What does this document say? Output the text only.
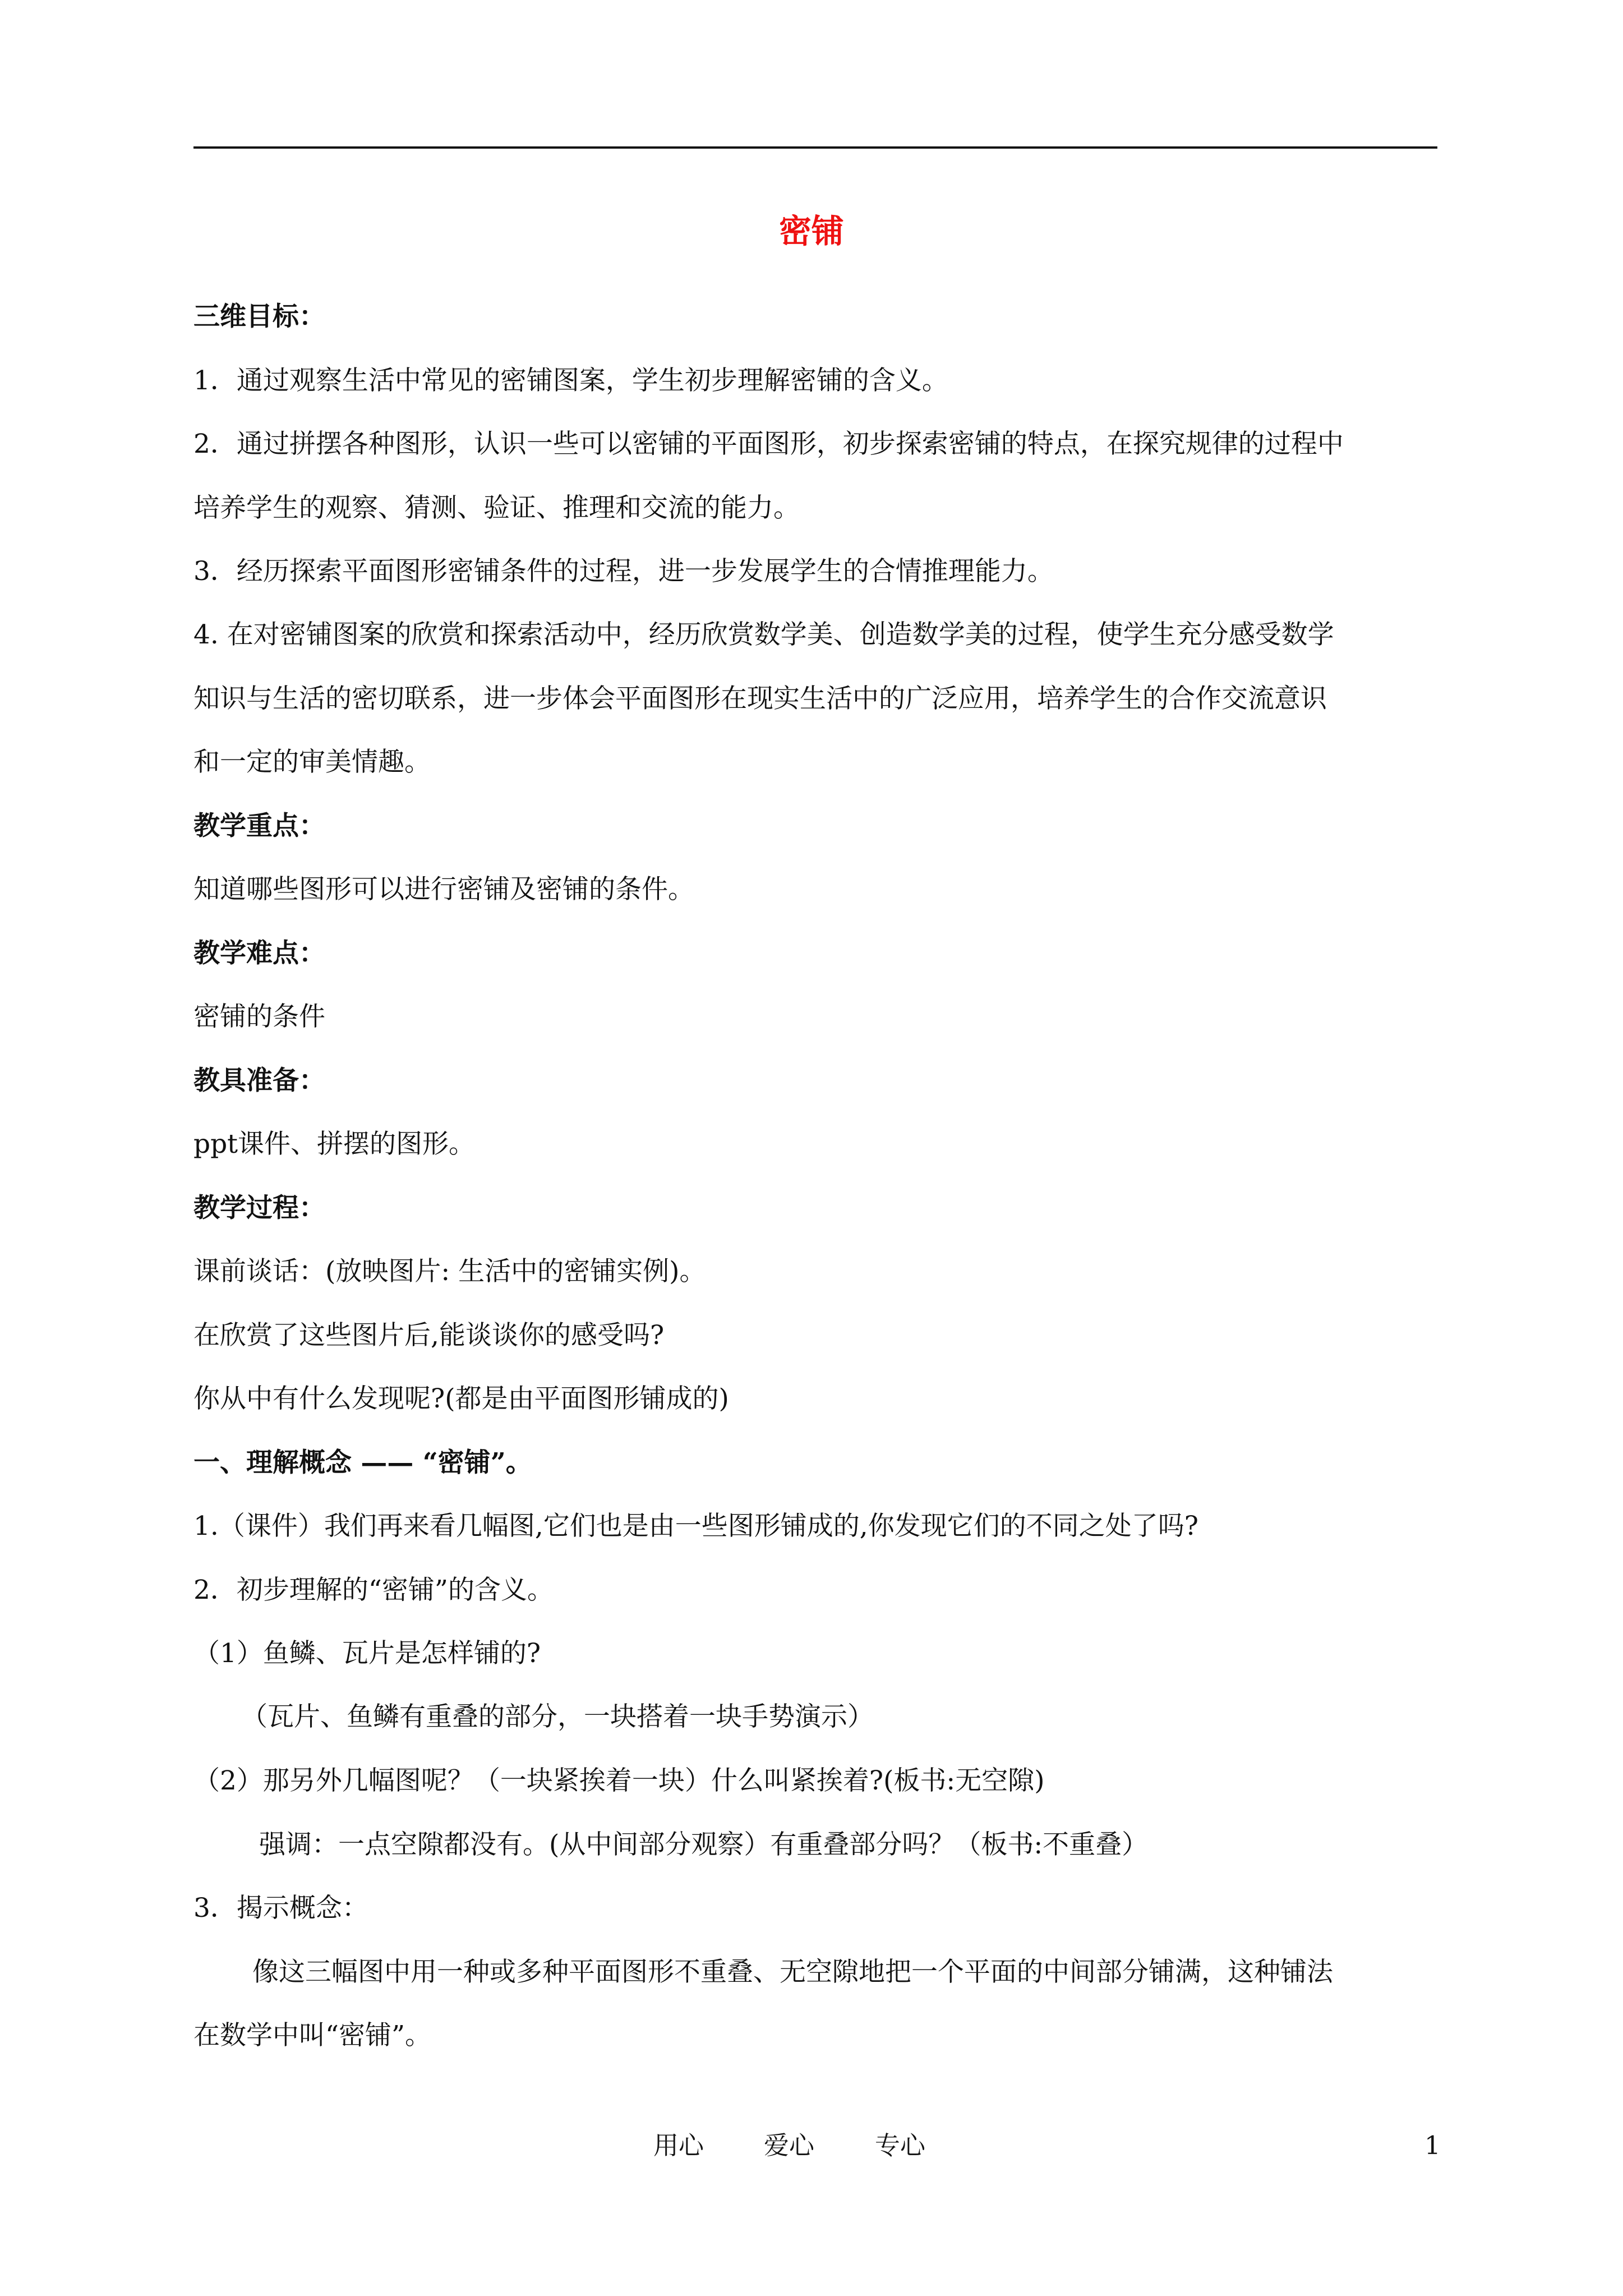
密铺
三维目标：
1．通过观察生活中常见的密铺图案，学生初步理解密铺的含义。
2．通过拼摆各种图形，认识一些可以密铺的平面图形，初步探索密铺的特点，在探究规律的过程中
培养学生的观察、猜测、验证、推理和交流的能力。
3．经历探索平面图形密铺条件的过程，进一步发展学生的合情推理能力。
4. 在对密铺图案的欣赏和探索活动中，经历欣赏数学美、创造数学美的过程，使学生充分感受数学
知识与生活的密切联系，进一步体会平面图形在现实生活中的广泛应用，培养学生的合作交流意识
和一定的审美情趣。
教学重点：
知道哪些图形可以进行密铺及密铺的条件。
教学难点：
密铺的条件
教具准备：
ppt课件、拼摆的图形。
教学过程：
课前谈话：(放映图片: 生活中的密铺实例)。
在欣赏了这些图片后,能谈谈你的感受吗?
你从中有什么发现呢?(都是由平面图形铺成的)
一、理解概念 —— “密铺”。
1.（课件）我们再来看几幅图,它们也是由一些图形铺成的,你发现它们的不同之处了吗?
2．初步理解的“密铺”的含义。
（1）鱼鳞、瓦片是怎样铺的?
（瓦片、鱼鳞有重叠的部分，一块搭着一块手势演示）
（2）那另外几幅图呢？（一块紧挨着一块）什么叫紧挨着?(板书:无空隙)
强调：一点空隙都没有。(从中间部分观察）有重叠部分吗？（板书:不重叠）
3．揭示概念：
像这三幅图中用一种或多种平面图形不重叠、无空隙地把一个平面的中间部分铺满，这种铺法
在数学中叫“密铺”。
用心 爱心 专心	1
